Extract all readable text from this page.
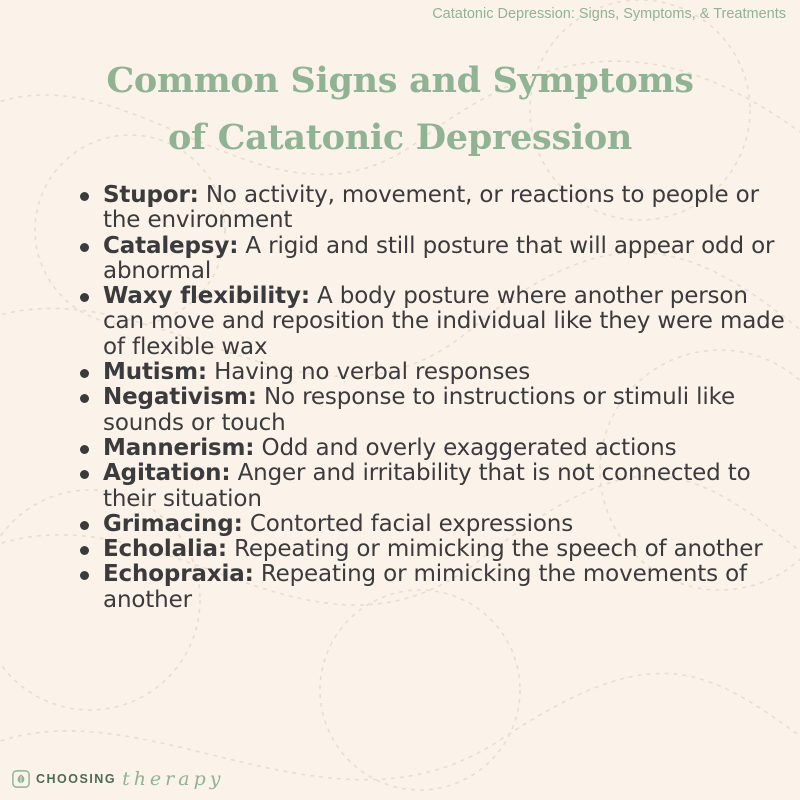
Catatonic Depression: Signs, Symptoms, & Treatments
Common Signs and Symptoms
of Catatonic Depression
Stupor: No activity, movement, or reactions to people or the environment
Catalepsy: A rigid and still posture that will appear odd or abnormal
Waxy flexibility: A body posture where another person can move and reposition the individual like they were made of flexible wax
Mutism: Having no verbal responses
Negativism: No response to instructions or stimuli like sounds or touch
Mannerism: Odd and overly exaggerated actions
Agitation: Anger and irritability that is not connected to their situation
Grimacing: Contorted facial expressions
Echolalia: Repeating or mimicking the speech of another
Echopraxia: Repeating or mimicking the movements of another
CHOOSING therapy
